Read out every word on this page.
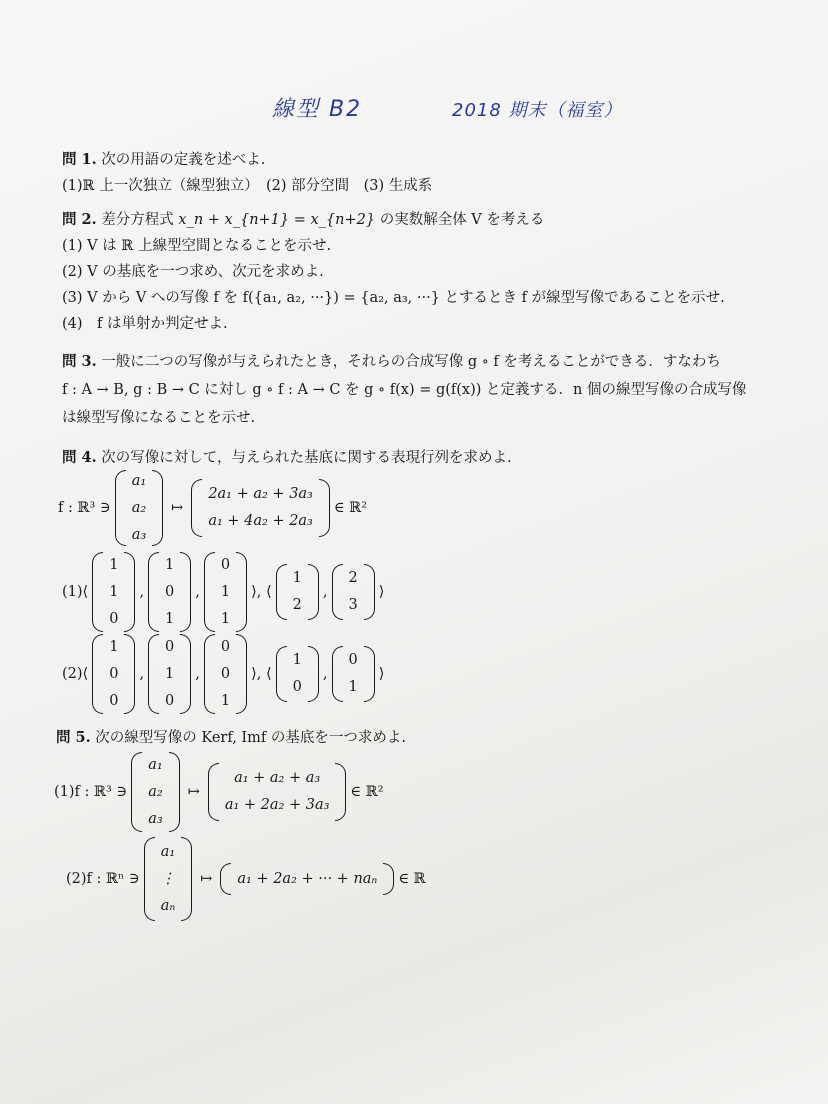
線型 B2	2018 期末（福室）
問 1. 次の用語の定義を述べよ.
(1)ℝ 上一次独立（線型独立）　(2) 部分空間　(3) 生成系
問 2. 差分方程式 x_n + x_{n+1} = x_{n+2} の実数解全体 V を考える
(1) V は ℝ 上線型空間となることを示せ.
(2) V の基底を一つ求め、次元を求めよ.
(3) V から V への写像 f を f({a₁, a₂, ···}) = {a₂, a₃, ···} とするとき f が線型写像であることを示せ.
(4)　f は単射か判定せよ.
問 3. 一般に二つの写像が与えられたとき，それらの合成写像 g ∘ f を考えることができる．すなわち
f : A → B, g : B → C に対し g ∘ f : A → C を g ∘ f(x) = g(f(x)) と定義する．n 個の線型写像の合成写像
は線型写像になることを示せ.
問 4. 次の写像に対して，与えられた基底に関する表現行列を求めよ.
f : ℝ³ ∋
a₁
a₂
a₃
↦
2a₁ + a₂ + 3a₃
a₁ + 4a₂ + 2a₃
∈ ℝ²
(1)⟨
1
1
0
,
1
0
1
,
0
1
1
⟩, ⟨
1
2
,
2
3
⟩
(2)⟨
1
0
0
,
0
1
0
,
0
0
1
⟩, ⟨
1
0
,
0
1
⟩
問 5. 次の線型写像の Kerf, Imf の基底を一つ求めよ.
(1)f : ℝ³ ∋
a₁
a₂
a₃
↦
a₁ + a₂ + a₃
a₁ + 2a₂ + 3a₃
∈ ℝ²
(2)f : ℝⁿ ∋
a₁
⋮
aₙ
↦ a₁ + 2a₂ + ··· + naₙ ∈ ℝ
